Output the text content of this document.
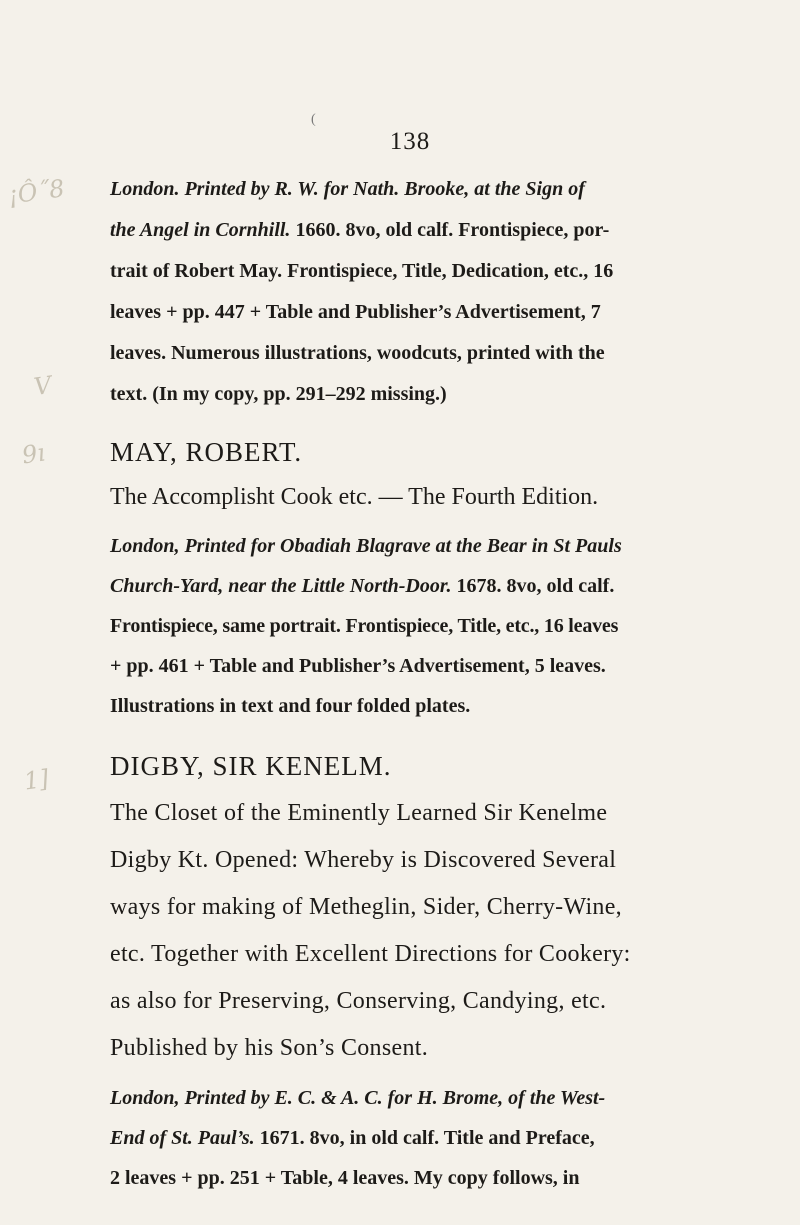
(
138
¡Ô˝8
V
9ı
1]
London. Printed by R. W. for Nath. Brooke, at the Sign of
the Angel in Cornhill. 1660. 8vo, old calf. Frontispiece, por-
trait of Robert May. Frontispiece, Title, Dedication, etc., 16
leaves + pp. 447 + Table and Publisher’s Advertisement, 7
leaves. Numerous illustrations, woodcuts, printed with the
text. (In my copy, pp. 291–292 missing.)
MAY, ROBERT.
The Accomplisht Cook etc. — The Fourth Edition.
London, Printed for Obadiah Blagrave at the Bear in St Pauls
Church-Yard, near the Little North-Door. 1678. 8vo, old calf.
Frontispiece, same portrait. Frontispiece, Title, etc., 16 leaves
+ pp. 461 + Table and Publisher’s Advertisement, 5 leaves.
Illustrations in text and four folded plates.
DIGBY, SIR KENELM.
The Closet of the Eminently Learned Sir Kenelme
Digby Kt. Opened: Whereby is Discovered Several
ways for making of Metheglin, Sider, Cherry-Wine,
etc. Together with Excellent Directions for Cookery:
as also for Preserving, Conserving, Candying, etc.
Published by his Son’s Consent.
London, Printed by E. C. & A. C. for H. Brome, of the West-
End of St. Paul’s. 1671. 8vo, in old calf. Title and Preface,
2 leaves + pp. 251 + Table, 4 leaves. My copy follows, in
